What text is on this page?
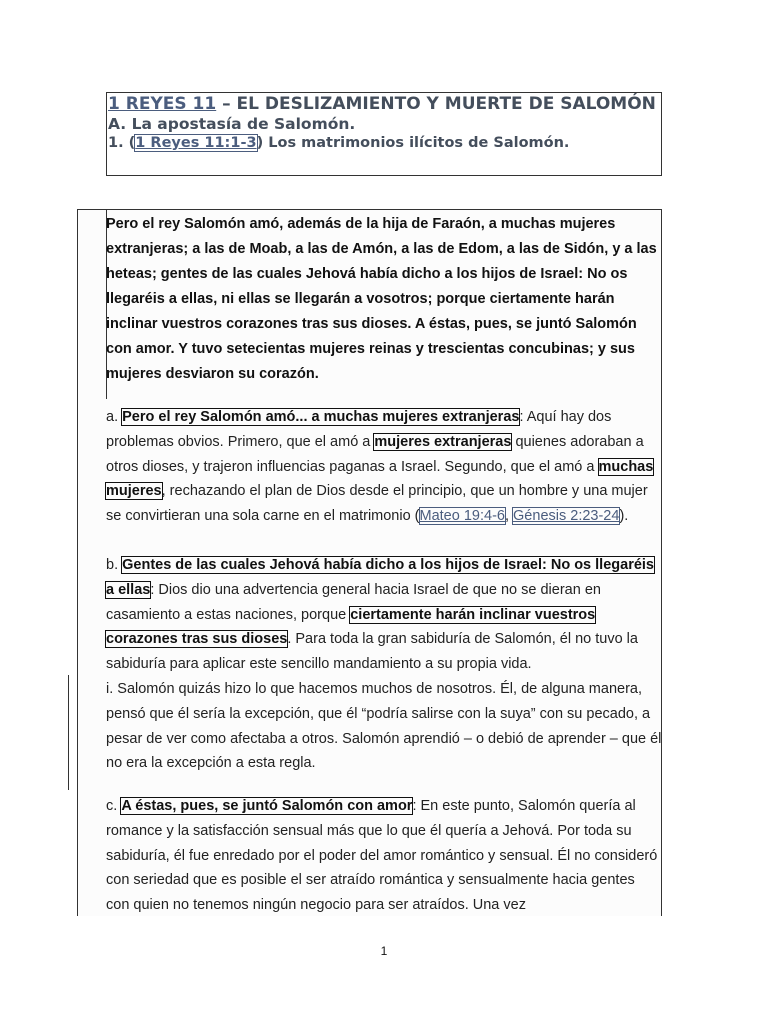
1 REYES 11 – EL DESLIZAMIENTO Y MUERTE DE SALOMÓN
A. La apostasía de Salomón.
1. (1 Reyes 11:1-3) Los matrimonios ilícitos de Salomón.
Pero el rey Salomón amó, además de la hija de Faraón, a muchas mujeres extranjeras; a las de Moab, a las de Amón, a las de Edom, a las de Sidón, y a las heteas; gentes de las cuales Jehová había dicho a los hijos de Israel: No os llegaréis a ellas, ni ellas se llegarán a vosotros; porque ciertamente harán inclinar vuestros corazones tras sus dioses. A éstas, pues, se juntó Salomón con amor. Y tuvo setecientas mujeres reinas y trescientas concubinas; y sus mujeres desviaron su corazón.
a. Pero el rey Salomón amó... a muchas mujeres extranjeras: Aquí hay dos problemas obvios. Primero, que el amó a mujeres extranjeras quienes adoraban a otros dioses, y trajeron influencias paganas a Israel. Segundo, que el amó a muchas mujeres, rechazando el plan de Dios desde el principio, que un hombre y una mujer se convirtieran una sola carne en el matrimonio (Mateo 19:4-6, Génesis 2:23-24).
b. Gentes de las cuales Jehová había dicho a los hijos de Israel: No os llegaréis a ellas: Dios dio una advertencia general hacia Israel de que no se dieran en casamiento a estas naciones, porque ciertamente harán inclinar vuestros corazones tras sus dioses. Para toda la gran sabiduría de Salomón, él no tuvo la sabiduría para aplicar este sencillo mandamiento a su propia vida.
i. Salomón quizás hizo lo que hacemos muchos de nosotros. Él, de alguna manera, pensó que él sería la excepción, que él “podría salirse con la suya” con su pecado, a pesar de ver como afectaba a otros. Salomón aprendió – o debió de aprender – que él no era la excepción a esta regla.
c. A éstas, pues, se juntó Salomón con amor: En este punto, Salomón quería al romance y la satisfacción sensual más que lo que él quería a Jehová. Por toda su sabiduría, él fue enredado por el poder del amor romántico y sensual. Él no consideró con seriedad que es posible el ser atraído romántica y sensualmente hacia gentes con quien no tenemos ningún negocio para ser atraídos. Una vez
1
